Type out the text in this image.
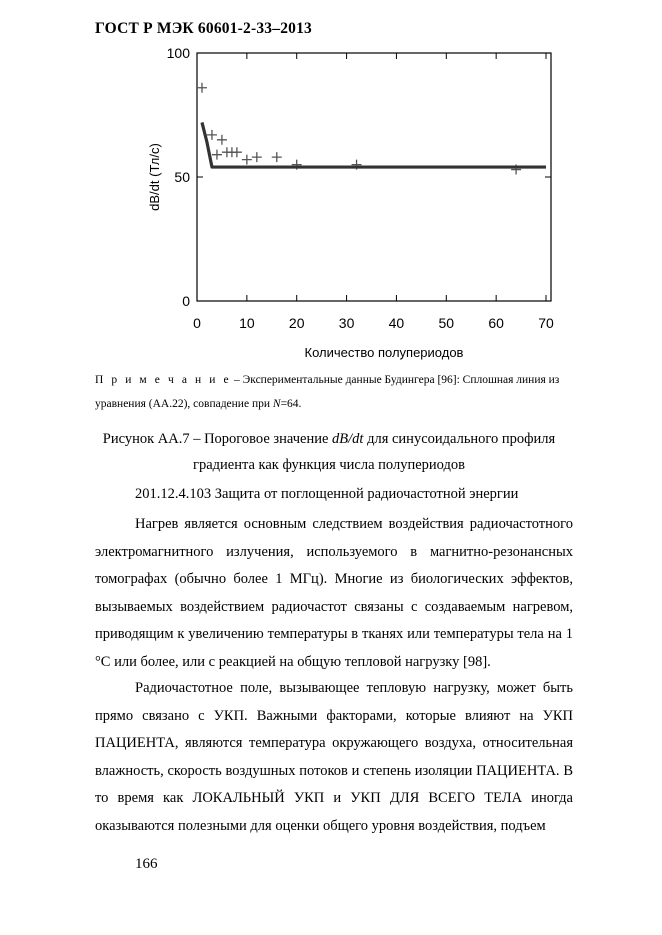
ГОСТ Р МЭК 60601-2-33–2013
0	10 20 30 40 50 60 70
0
50
100
Количество полупериодов
dB/dt (Тл/с)
П р и м е ч а н и е – Экспериментальные данные Будингера [96]: Сплошная линия из уравнения (АА.22), совпадение при N=64.
Рисунок АА.7 – Пороговое значение dB/dt для синусоидального профиля
градиента как функция числа полупериодов
201.12.4.103 Защита от поглощенной радиочастотной энергии
Нагрев является основным следствием воздействия радиочастотного электромагнитного излучения, используемого в магнитно-резонансных томографах (обычно более 1 МГц). Многие из биологических эффектов, вызываемых воздействием радиочастот связаны с создаваемым нагревом, приводящим к увеличению температуры в тканях или температуры тела на 1 °С или более, или с реакцией на общую тепловой нагрузку [98].
Радиочастотное поле, вызывающее тепловую нагрузку, может быть прямо связано с УКП. Важными факторами, которые влияют на УКП ПАЦИЕНТА, являются температура окружающего воздуха, относительная влажность, скорость воздушных потоков и степень изоляции ПАЦИЕНТА. В то время как ЛОКАЛЬНЫЙ УКП и УКП ДЛЯ ВСЕГО ТЕЛА иногда оказываются полезными для оценки общего уровня воздействия, подъем
166
